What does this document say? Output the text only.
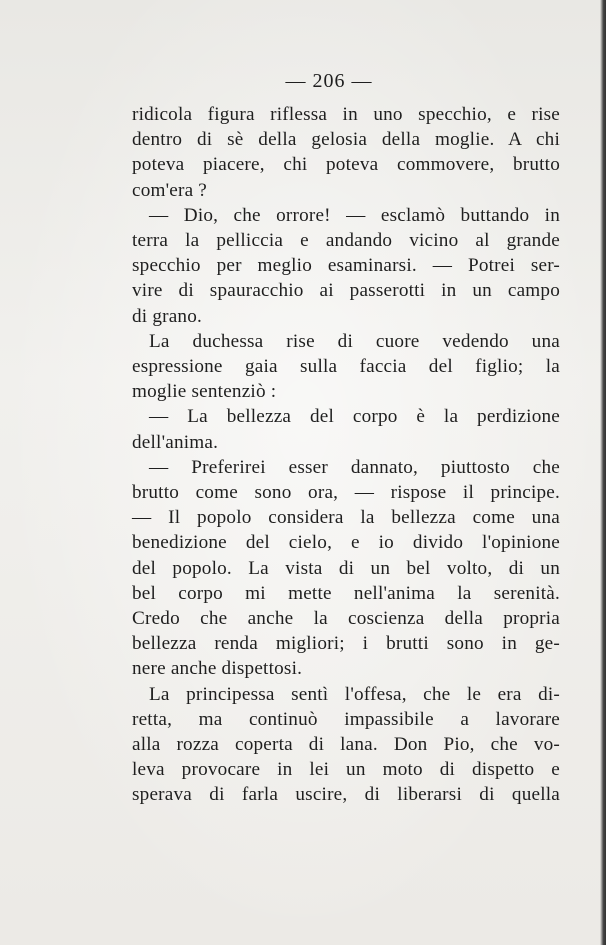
— 206 —
ridicola figura riflessa in uno specchio, e rise
dentro di sè della gelosia della moglie. A chi
poteva piacere, chi poteva commovere, brutto
com'era ?
— Dio, che orrore! — esclamò buttando in
terra la pelliccia e andando vicino al grande
specchio per meglio esaminarsi. — Potrei ser-
vire di spauracchio ai passerotti in un campo
di grano.
La duchessa rise di cuore vedendo una
espressione gaia sulla faccia del figlio; la
moglie sentenziò :
— La bellezza del corpo è la perdizione
dell'anima.
— Preferirei esser dannato, piuttosto che
brutto come sono ora, — rispose il principe.
— Il popolo considera la bellezza come una
benedizione del cielo, e io divido l'opinione
del popolo. La vista di un bel volto, di un
bel corpo mi mette nell'anima la serenità.
Credo che anche la coscienza della propria
bellezza renda migliori; i brutti sono in ge-
nere anche dispettosi.
La principessa sentì l'offesa, che le era di-
retta, ma continuò impassibile a lavorare
alla rozza coperta di lana. Don Pio, che vo-
leva provocare in lei un moto di dispetto e
sperava di farla uscire, di liberarsi di quella
